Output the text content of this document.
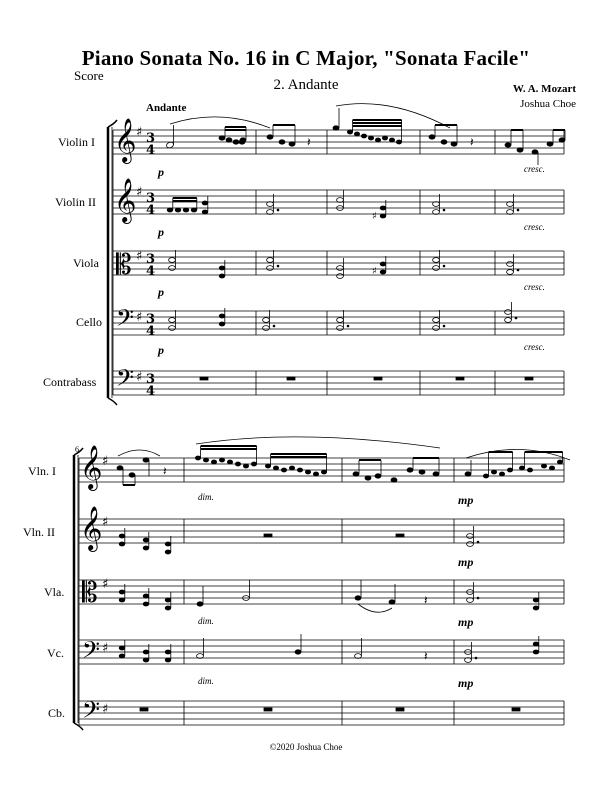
Piano Sonata No. 16 in C Major, "Sonata Facile"
Score
2. Andante	W. A. Mozart
Joshua Choe
Andante
Violin I
Violin II
Viola
Cello
Contrabass
𝄞
𝄞
𝄡
𝄢
𝄢
♯
♯
♯
♯
♯
3
4
3
4
3
4
3
4
3
4
𝄽	𝄽
♯
♯
p
p
p
p
cresc.
cresc.
cresc.
cresc.
6
Vln. I
Vln. II
Vla.
Vc.
Cb.
𝄞
𝄞
𝄡
𝄢
𝄢
♯
♯
♯
♯
♯
𝄽
𝄽
𝄽
dim.
dim.
dim.
mp
mp
mp
mp
©2020 Joshua Choe
